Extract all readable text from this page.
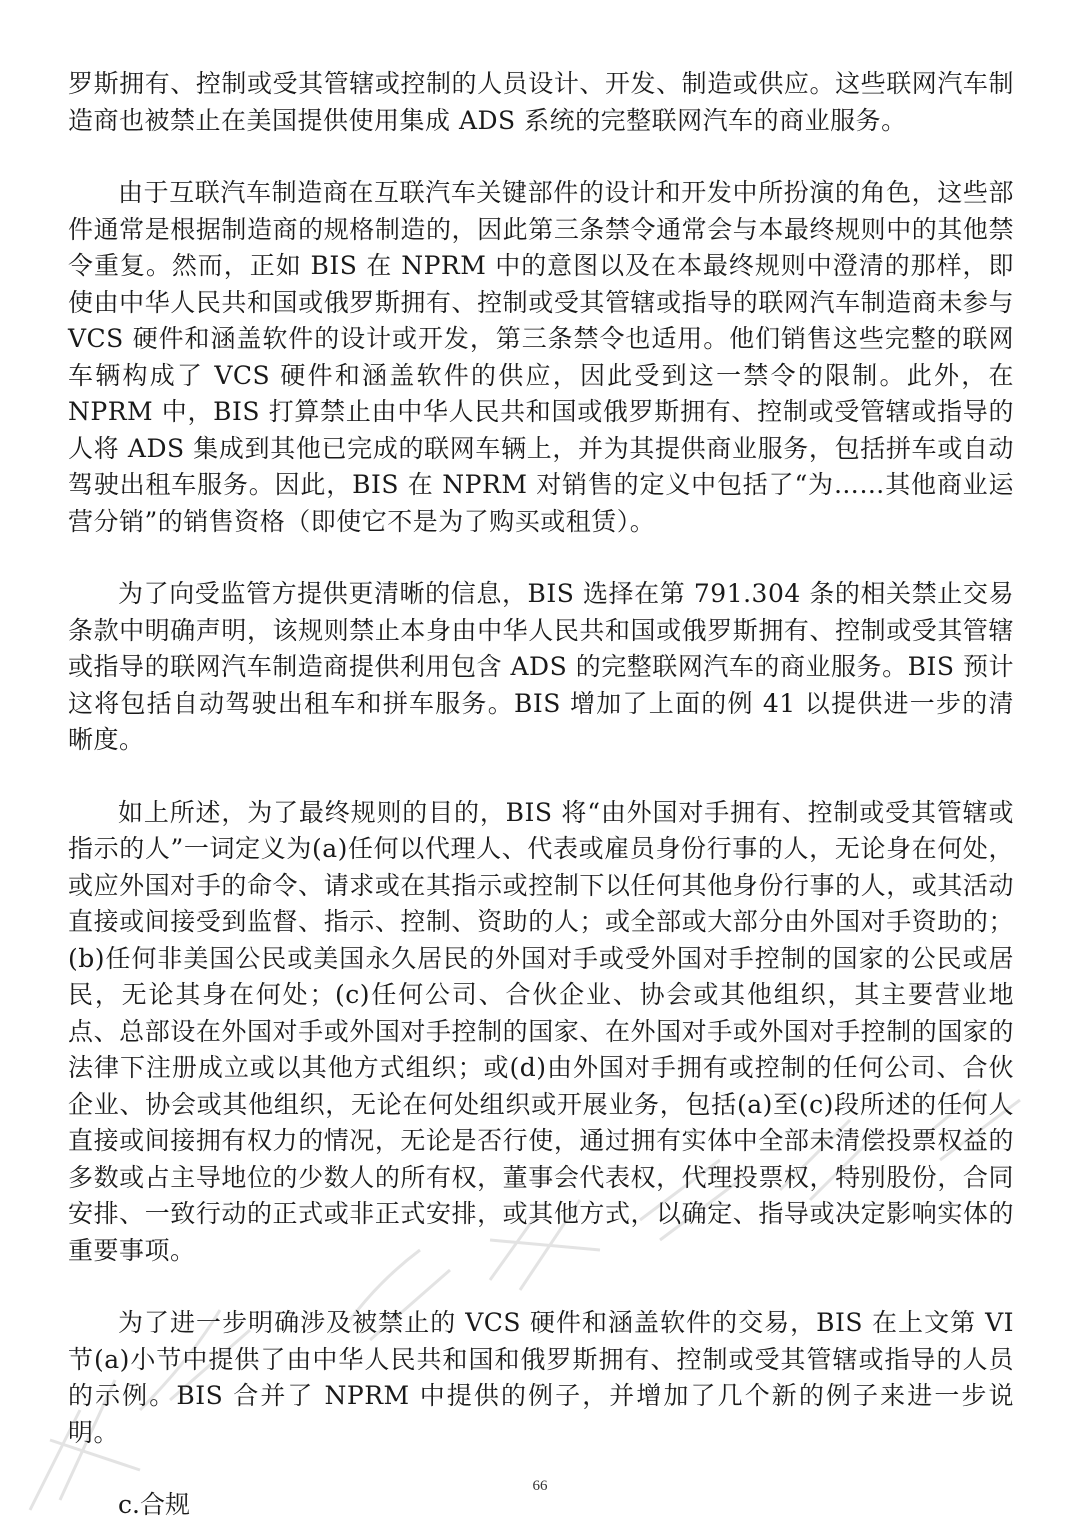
罗斯拥有、控制或受其管辖或控制的人员设计、开发、制造或供应。这些联网汽车制造商也被禁止在美国提供使用集成 ADS 系统的完整联网汽车的商业服务。

由于互联汽车制造商在互联汽车关键部件的设计和开发中所扮演的角色，这些部件通常是根据制造商的规格制造的，因此第三条禁令通常会与本最终规则中的其他禁令重复。然而，正如 BIS 在 NPRM 中的意图以及在本最终规则中澄清的那样，即使由中华人民共和国或俄罗斯拥有、控制或受其管辖或指导的联网汽车制造商未参与 VCS 硬件和涵盖软件的设计或开发，第三条禁令也适用。他们销售这些完整的联网车辆构成了 VCS 硬件和涵盖软件的供应，因此受到这一禁令的限制。此外，在 NPRM 中，BIS 打算禁止由中华人民共和国或俄罗斯拥有、控制或受管辖或指导的人将 ADS 集成到其他已完成的联网车辆上，并为其提供商业服务，包括拼车或自动驾驶出租车服务。因此，BIS 在 NPRM 对销售的定义中包括了“为……其他商业运营分销”的销售资格（即使它不是为了购买或租赁）。

为了向受监管方提供更清晰的信息，BIS 选择在第 791.304 条的相关禁止交易条款中明确声明，该规则禁止本身由中华人民共和国或俄罗斯拥有、控制或受其管辖或指导的联网汽车制造商提供利用包含 ADS 的完整联网汽车的商业服务。BIS 预计这将包括自动驾驶出租车和拼车服务。BIS 增加了上面的例 41 以提供进一步的清晰度。

如上所述，为了最终规则的目的，BIS 将“由外国对手拥有、控制或受其管辖或指示的人”一词定义为(a)任何以代理人、代表或雇员身份行事的人，无论身在何处，或应外国对手的命令、请求或在其指示或控制下以任何其他身份行事的人，或其活动直接或间接受到监督、指示、控制、资助的人；或全部或大部分由外国对手资助的；(b)任何非美国公民或美国永久居民的外国对手或受外国对手控制的国家的公民或居民，无论其身在何处；(c)任何公司、合伙企业、协会或其他组织，其主要营业地点、总部设在外国对手或外国对手控制的国家、在外国对手或外国对手控制的国家的法律下注册成立或以其他方式组织；或(d)由外国对手拥有或控制的任何公司、合伙企业、协会或其他组织，无论在何处组织或开展业务，包括(a)至(c)段所述的任何人直接或间接拥有权力的情况，无论是否行使，通过拥有实体中全部未清偿投票权益的多数或占主导地位的少数人的所有权，董事会代表权，代理投票权，特别股份，合同安排、一致行动的正式或非正式安排，或其他方式，以确定、指导或决定影响实体的重要事项。

为了进一步明确涉及被禁止的 VCS 硬件和涵盖软件的交易，BIS 在上文第 VI 节(a)小节中提供了由中华人民共和国和俄罗斯拥有、控制或受其管辖或指导的人员的示例。BIS 合并了 NPRM 中提供的例子，并增加了几个新的例子来进一步说明。

c.合规

66
